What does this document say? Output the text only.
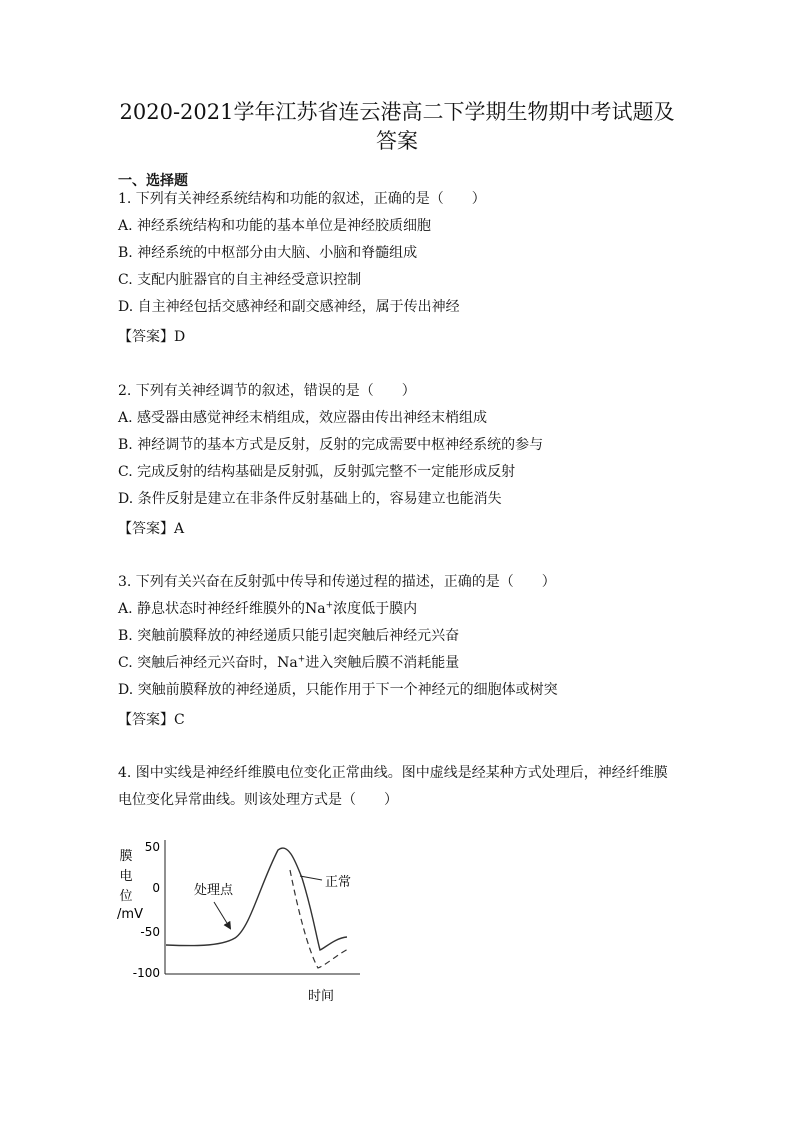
2020-2021学年江苏省连云港高二下学期生物期中考试题及
答案
一、选择题
1. 下列有关神经系统结构和功能的叙述，正确的是（　　）
A. 神经系统结构和功能的基本单位是神经胶质细胞
B. 神经系统的中枢部分由大脑、小脑和脊髓组成
C. 支配内脏器官的自主神经受意识控制
D. 自主神经包括交感神经和副交感神经，属于传出神经
【答案】D
2. 下列有关神经调节的叙述，错误的是（　　）
A. 感受器由感觉神经末梢组成，效应器由传出神经末梢组成
B. 神经调节的基本方式是反射，反射的完成需要中枢神经系统的参与
C. 完成反射的结构基础是反射弧，反射弧完整不一定能形成反射
D. 条件反射是建立在非条件反射基础上的，容易建立也能消失
【答案】A
3. 下列有关兴奋在反射弧中传导和传递过程的描述，正确的是（　　）
A. 静息状态时神经纤维膜外的Na+浓度低于膜内
B. 突触前膜释放的神经递质只能引起突触后神经元兴奋
C. 突触后神经元兴奋时，Na+进入突触后膜不消耗能量
D. 突触前膜释放的神经递质，只能作用于下一个神经元的细胞体或树突
【答案】C
4. 图中实线是神经纤维膜电位变化正常曲线。图中虚线是经某种方式处理后，神经纤维膜
电位变化异常曲线。则该处理方式是（　　）
膜
电
位
/mV
50
0
-50
-100
处理点
正常
时间
